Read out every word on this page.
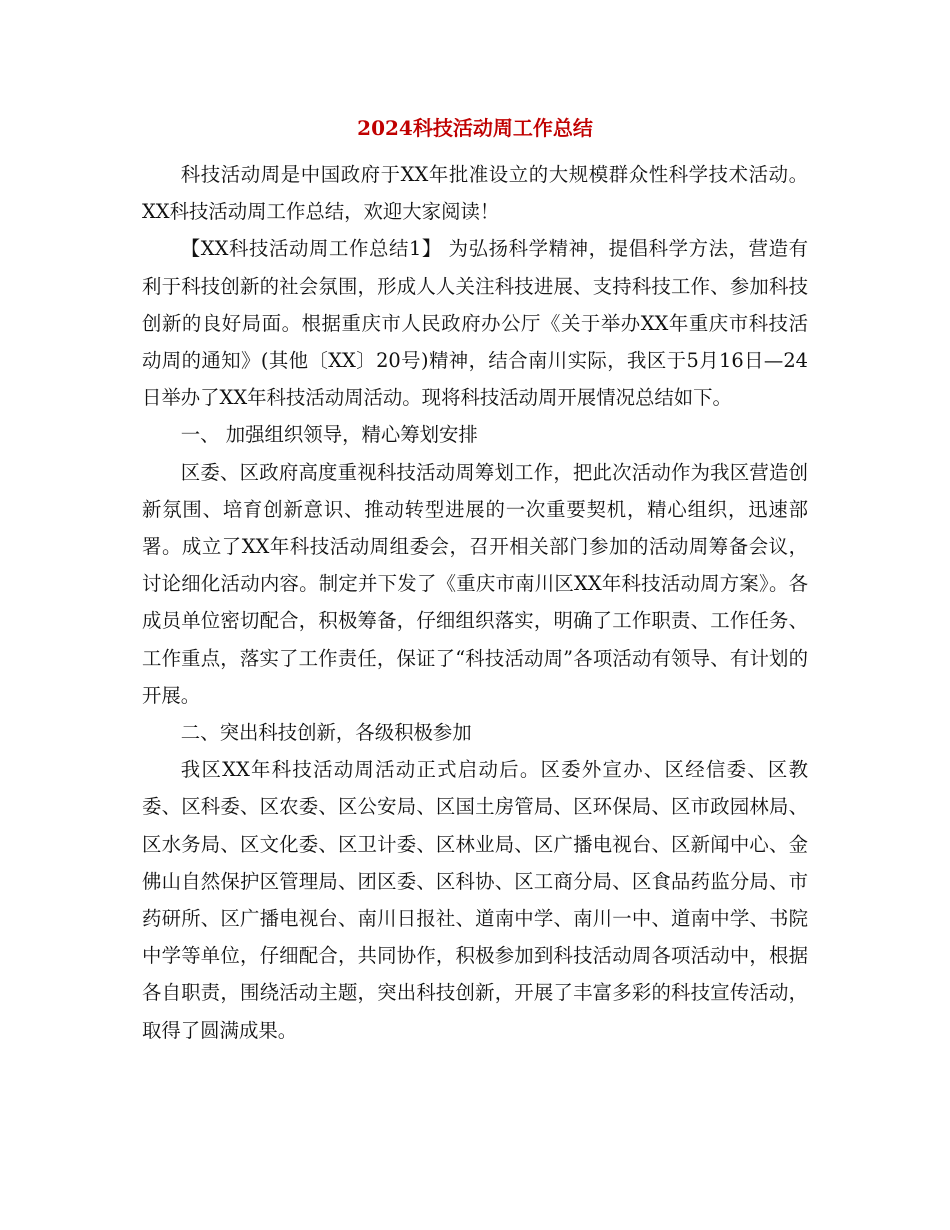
2024科技活动周工作总结

科技活动周是中国政府于XX年批准设立的大规模群众性科学技术活动。XX科技活动周工作总结，欢迎大家阅读！

【XX科技活动周工作总结1】 为弘扬科学精神，提倡科学方法，营造有利于科技创新的社会氛围，形成人人关注科技进展、支持科技工作、参加科技创新的良好局面。根据重庆市人民政府办公厅《关于举办XX年重庆市科技活动周的通知》(其他〔XX〕20号)精神，结合南川实际，我区于5月16日—24日举办了XX年科技活动周活动。现将科技活动周开展情况总结如下。

一、 加强组织领导，精心筹划安排

区委、区政府高度重视科技活动周筹划工作，把此次活动作为我区营造创新氛围、培育创新意识、推动转型进展的一次重要契机，精心组织，迅速部署。成立了XX年科技活动周组委会，召开相关部门参加的活动周筹备会议，讨论细化活动内容。制定并下发了《重庆市南川区XX年科技活动周方案》。各成员单位密切配合，积极筹备，仔细组织落实，明确了工作职责、工作任务、工作重点，落实了工作责任，保证了“科技活动周”各项活动有领导、有计划的开展。

二、突出科技创新，各级积极参加

我区XX年科技活动周活动正式启动后。区委外宣办、区经信委、区教委、区科委、区农委、区公安局、区国土房管局、区环保局、区市政园林局、区水务局、区文化委、区卫计委、区林业局、区广播电视台、区新闻中心、金佛山自然保护区管理局、团区委、区科协、区工商分局、区食品药监分局、市药研所、区广播电视台、南川日报社、道南中学、南川一中、道南中学、书院中学等单位，仔细配合，共同协作，积极参加到科技活动周各项活动中，根据各自职责，围绕活动主题，突出科技创新，开展了丰富多彩的科技宣传活动，取得了圆满成果。
